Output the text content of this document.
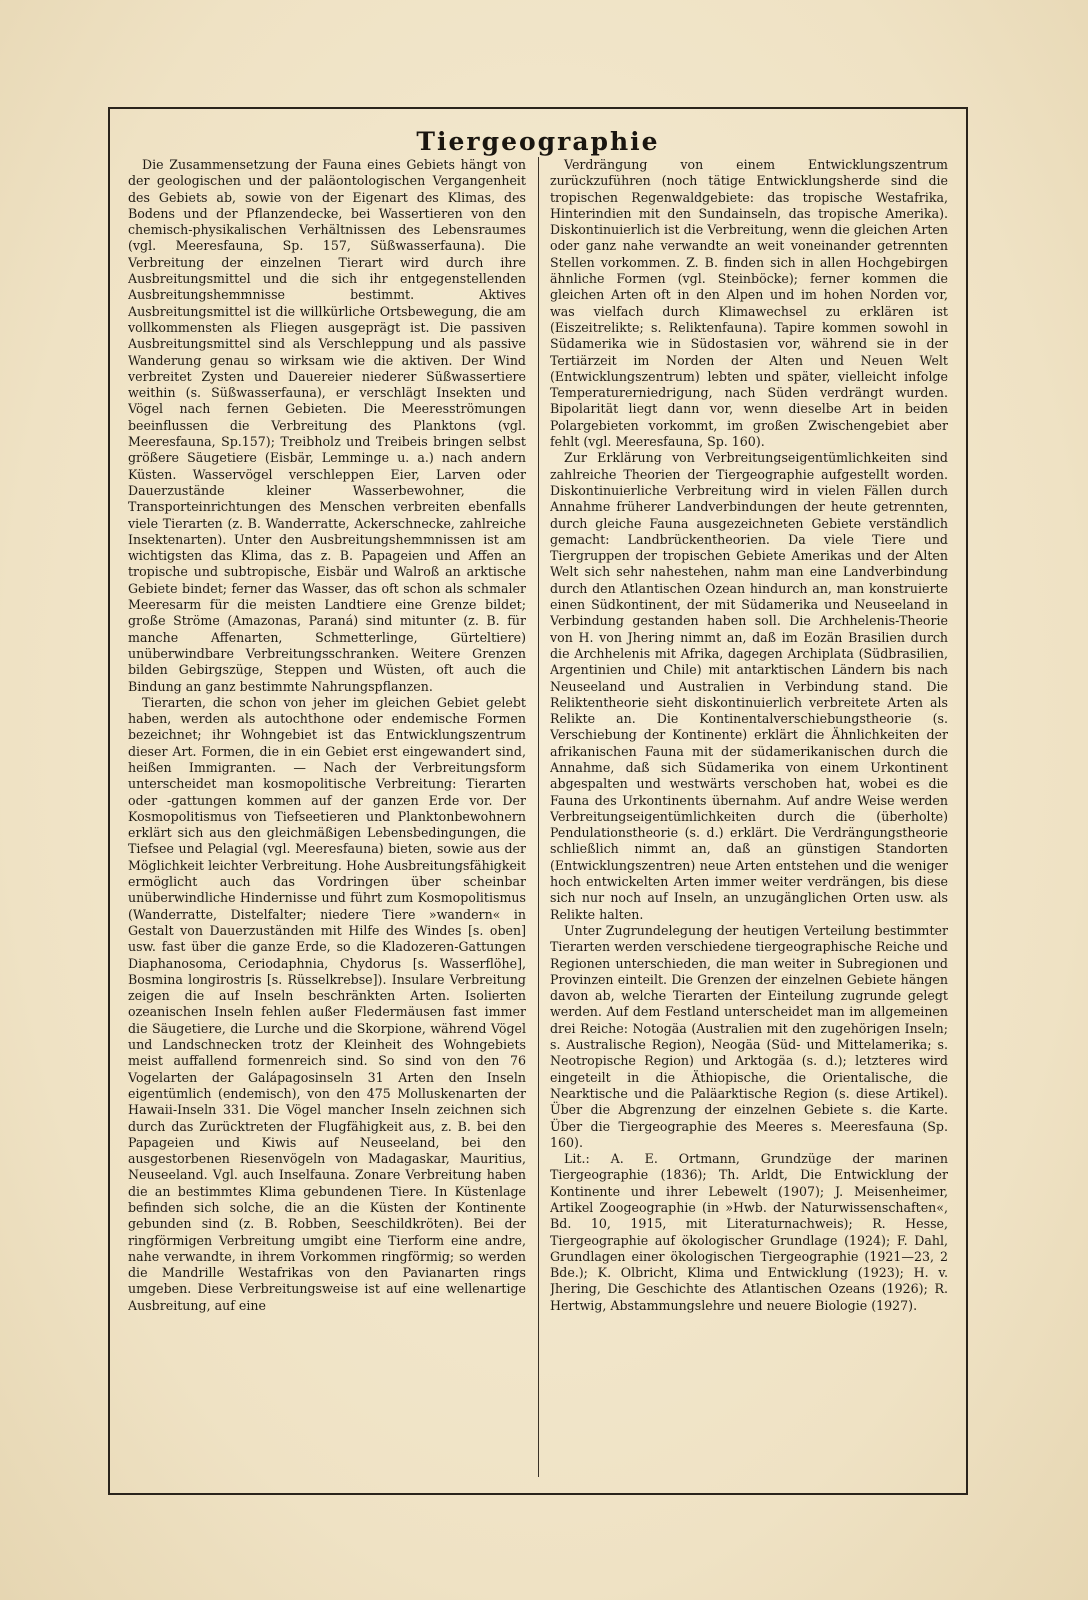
Tiergeographie

Die Zusammensetzung der Fauna eines Gebiets hängt von der geologischen und der paläontologischen Vergangenheit des Gebiets ab, sowie von der Eigenart des Klimas, des Bodens und der Pflanzendecke, bei Wassertieren von den chemisch-physikalischen Verhältnissen des Lebensraumes (vgl. Meeresfauna, Sp. 157, Süßwasserfauna). Die Verbreitung der einzelnen Tierart wird durch ihre Ausbreitungsmittel und die sich ihr entgegenstellenden Ausbreitungshemmnisse bestimmt. Aktives Ausbreitungsmittel ist die willkürliche Ortsbewegung, die am vollkommensten als Fliegen ausgeprägt ist. Die passiven Ausbreitungsmittel sind als Verschleppung und als passive Wanderung genau so wirksam wie die aktiven. Der Wind verbreitet Zysten und Dauereier niederer Süßwassertiere weithin (s. Süßwasserfauna), er verschlägt Insekten und Vögel nach fernen Gebieten. Die Meeresströmungen beeinflussen die Verbreitung des Planktons (vgl. Meeresfauna, Sp.157); Treibholz und Treibeis bringen selbst größere Säugetiere (Eisbär, Lemminge u. a.) nach andern Küsten. Wasservögel verschleppen Eier, Larven oder Dauerzustände kleiner Wasserbewohner, die Transporteinrichtungen des Menschen verbreiten ebenfalls viele Tierarten (z. B. Wanderratte, Ackerschnecke, zahlreiche Insektenarten). Unter den Ausbreitungshemmnissen ist am wichtigsten das Klima, das z. B. Papageien und Affen an tropische und subtropische, Eisbär und Walroß an arktische Gebiete bindet; ferner das Wasser, das oft schon als schmaler Meeresarm für die meisten Landtiere eine Grenze bildet; große Ströme (Amazonas, Paraná) sind mitunter (z. B. für manche Affenarten, Schmetterlinge, Gürteltiere) unüberwindbare Verbreitungsschranken. Weitere Grenzen bilden Gebirgszüge, Steppen und Wüsten, oft auch die Bindung an ganz bestimmte Nahrungspflanzen.

Tierarten, die schon von jeher im gleichen Gebiet gelebt haben, werden als autochthone oder endemische Formen bezeichnet; ihr Wohngebiet ist das Entwicklungszentrum dieser Art. Formen, die in ein Gebiet erst eingewandert sind, heißen Immigranten. — Nach der Verbreitungsform unterscheidet man kosmopolitische Verbreitung: Tierarten oder -gattungen kommen auf der ganzen Erde vor. Der Kosmopolitismus von Tiefseetieren und Planktonbewohnern erklärt sich aus den gleichmäßigen Lebensbedingungen, die Tiefsee und Pelagial (vgl. Meeresfauna) bieten, sowie aus der Möglichkeit leichter Verbreitung. Hohe Ausbreitungsfähigkeit ermöglicht auch das Vordringen über scheinbar unüberwindliche Hindernisse und führt zum Kosmopolitismus (Wanderratte, Distelfalter; niedere Tiere »wandern« in Gestalt von Dauerzuständen mit Hilfe des Windes [s. oben] usw. fast über die ganze Erde, so die Kladozeren-Gattungen Diaphanosoma, Ceriodaphnia, Chydorus [s. Wasserflöhe], Bosmina longirostris [s. Rüsselkrebse]). Insulare Verbreitung zeigen die auf Inseln beschränkten Arten. Isolierten ozeanischen Inseln fehlen außer Fledermäusen fast immer die Säugetiere, die Lurche und die Skorpione, während Vögel und Landschnecken trotz der Kleinheit des Wohngebiets meist auffallend formenreich sind. So sind von den 76 Vogelarten der Galápagosinseln 31 Arten den Inseln eigentümlich (endemisch), von den 475 Molluskenarten der Hawaii-Inseln 331. Die Vögel mancher Inseln zeichnen sich durch das Zurücktreten der Flugfähigkeit aus, z. B. bei den Papageien und Kiwis auf Neuseeland, bei den ausgestorbenen Riesenvögeln von Madagaskar, Mauritius, Neuseeland. Vgl. auch Inselfauna. Zonare Verbreitung haben die an bestimmtes Klima gebundenen Tiere. In Küstenlage befinden sich solche, die an die Küsten der Kontinente gebunden sind (z. B. Robben, Seeschildkröten). Bei der ringförmigen Verbreitung umgibt eine Tierform eine andre, nahe verwandte, in ihrem Vorkommen ringförmig; so werden die Mandrille Westafrikas von den Pavianarten rings umgeben. Diese Verbreitungsweise ist auf eine wellenartige Ausbreitung, auf eine

Verdrängung von einem Entwicklungszentrum zurückzuführen (noch tätige Entwicklungsherde sind die tropischen Regenwaldgebiete: das tropische Westafrika, Hinterindien mit den Sundainseln, das tropische Amerika). Diskontinuierlich ist die Verbreitung, wenn die gleichen Arten oder ganz nahe verwandte an weit voneinander getrennten Stellen vorkommen. Z. B. finden sich in allen Hochgebirgen ähnliche Formen (vgl. Steinböcke); ferner kommen die gleichen Arten oft in den Alpen und im hohen Norden vor, was vielfach durch Klimawechsel zu erklären ist (Eiszeitrelikte; s. Reliktenfauna). Tapire kommen sowohl in Südamerika wie in Südostasien vor, während sie in der Tertiärzeit im Norden der Alten und Neuen Welt (Entwicklungszentrum) lebten und später, vielleicht infolge Temperaturerniedrigung, nach Süden verdrängt wurden. Bipolarität liegt dann vor, wenn dieselbe Art in beiden Polargebieten vorkommt, im großen Zwischengebiet aber fehlt (vgl. Meeresfauna, Sp. 160).

Zur Erklärung von Verbreitungseigentümlichkeiten sind zahlreiche Theorien der Tiergeographie aufgestellt worden. Diskontinuierliche Verbreitung wird in vielen Fällen durch Annahme früherer Landverbindungen der heute getrennten, durch gleiche Fauna ausgezeichneten Gebiete verständlich gemacht: Landbrückentheorien. Da viele Tiere und Tiergruppen der tropischen Gebiete Amerikas und der Alten Welt sich sehr nahestehen, nahm man eine Landverbindung durch den Atlantischen Ozean hindurch an, man konstruierte einen Südkontinent, der mit Südamerika und Neuseeland in Verbindung gestanden haben soll. Die Archhelenis-Theorie von H. von Jhering nimmt an, daß im Eozän Brasilien durch die Archhelenis mit Afrika, dagegen Archiplata (Südbrasilien, Argentinien und Chile) mit antarktischen Ländern bis nach Neuseeland und Australien in Verbindung stand. Die Reliktentheorie sieht diskontinuierlich verbreitete Arten als Relikte an. Die Kontinentalverschiebungstheorie (s. Verschiebung der Kontinente) erklärt die Ähnlichkeiten der afrikanischen Fauna mit der südamerikanischen durch die Annahme, daß sich Südamerika von einem Urkontinent abgespalten und westwärts verschoben hat, wobei es die Fauna des Urkontinents übernahm. Auf andre Weise werden Verbreitungseigentümlichkeiten durch die (überholte) Pendulationstheorie (s. d.) erklärt. Die Verdrängungstheorie schließlich nimmt an, daß an günstigen Standorten (Entwicklungszentren) neue Arten entstehen und die weniger hoch entwickelten Arten immer weiter verdrängen, bis diese sich nur noch auf Inseln, an unzugänglichen Orten usw. als Relikte halten.

Unter Zugrundelegung der heutigen Verteilung bestimmter Tierarten werden verschiedene tiergeographische Reiche und Regionen unterschieden, die man weiter in Subregionen und Provinzen einteilt. Die Grenzen der einzelnen Gebiete hängen davon ab, welche Tierarten der Einteilung zugrunde gelegt werden. Auf dem Festland unterscheidet man im allgemeinen drei Reiche: Notogäa (Australien mit den zugehörigen Inseln; s. Australische Region), Neogäa (Süd- und Mittelamerika; s. Neotropische Region) und Arktogäa (s. d.); letzteres wird eingeteilt in die Äthiopische, die Orientalische, die Nearktische und die Paläarktische Region (s. diese Artikel). Über die Abgrenzung der einzelnen Gebiete s. die Karte. Über die Tiergeographie des Meeres s. Meeresfauna (Sp. 160).

Lit.: A. E. Ortmann, Grundzüge der marinen Tiergeographie (1836); Th. Arldt, Die Entwicklung der Kontinente und ihrer Lebewelt (1907); J. Meisenheimer, Artikel Zoogeographie (in »Hwb. der Naturwissenschaften«, Bd. 10, 1915, mit Literaturnachweis); R. Hesse, Tiergeographie auf ökologischer Grundlage (1924); F. Dahl, Grundlagen einer ökologischen Tiergeographie (1921—23, 2 Bde.); K. Olbricht, Klima und Entwicklung (1923); H. v. Jhering, Die Geschichte des Atlantischen Ozeans (1926); R. Hertwig, Abstammungslehre und neuere Biologie (1927).
